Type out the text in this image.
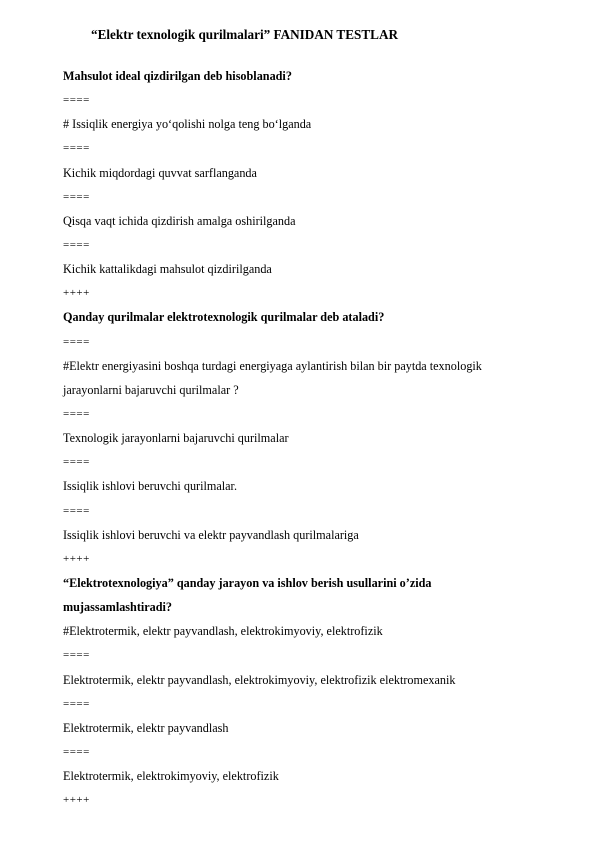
“Elektr texnologik qurilmalari” FANIDAN TESTLAR
Mahsulot ideal qizdirilgan deb hisoblanadi?
====
# Issiqlik energiya yo‘qolishi nolga teng bo‘lganda
====
Kichik miqdordagi quvvat sarflanganda
====
Qisqa vaqt ichida qizdirish amalga oshirilganda
====
Kichik kattalikdagi mahsulot qizdirilganda
++++
Qanday qurilmalar elektrotexnologik qurilmalar deb ataladi?
====
#Elektr energiyasini boshqa turdagi energiyaga aylantirish bilan bir paytda texnologik
jarayonlarni bajaruvchi qurilmalar ?
====
Texnologik jarayonlarni bajaruvchi qurilmalar
====
Issiqlik ishlovi beruvchi qurilmalar.
====
Issiqlik ishlovi beruvchi va elektr payvandlash qurilmalariga
++++
“Elektrotexnologiya” qanday jarayon va ishlov berish usullarini o’zida
mujassamlashtiradi?
#Elektrotermik, elektr payvandlash, elektrokimyoviy, elektrofizik
====
Elektrotermik, elektr payvandlash, elektrokimyoviy, elektrofizik elektromexanik
====
Elektrotermik, elektr payvandlash
====
Elektrotermik, elektrokimyoviy, elektrofizik
++++
